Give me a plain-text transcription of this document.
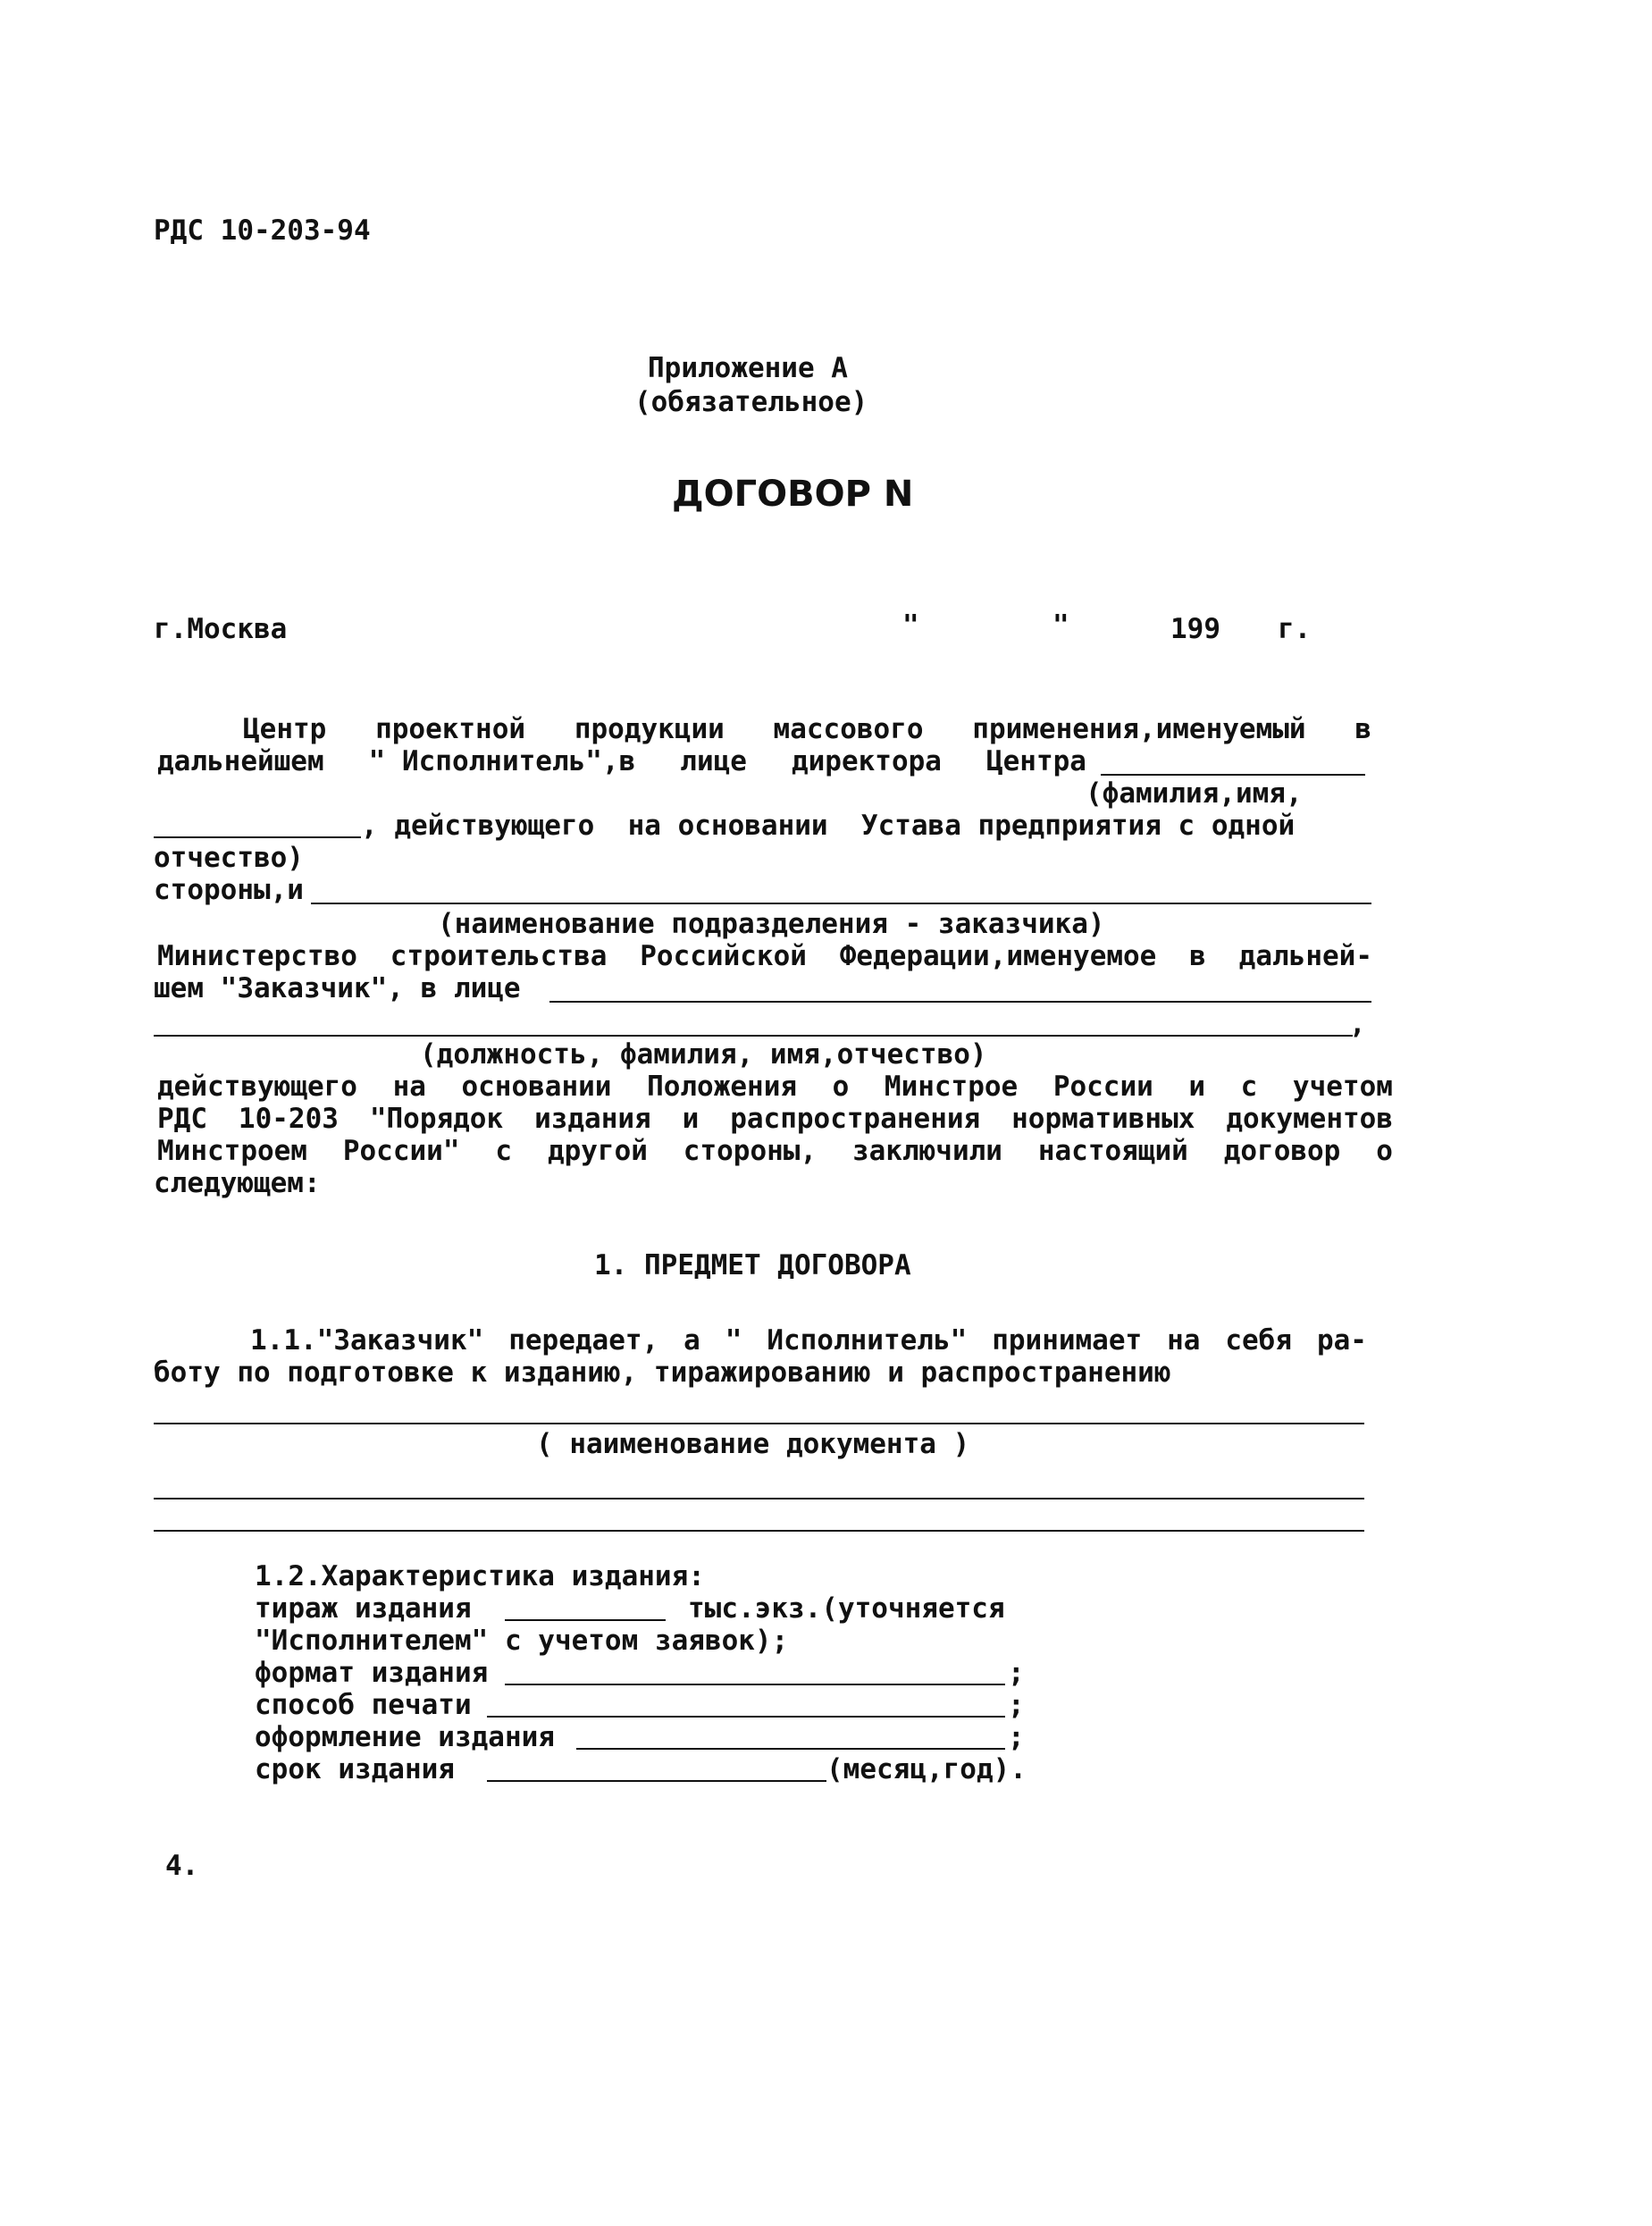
РДС 10-203-94
Приложение А
(обязательное)
ДОГОВОР N
г.Москва	"        "	199 г.
Центр проектной продукции массового применения,именуемый в
дальнейшем " Исполнитель",в лице директора Центра
(фамилия,имя,
, действующего  на основании  Устава предприятия с одной
отчество)
стороны,и
(наименование подразделения - заказчика)
Министерство строительства Российской Федерации,именуемое в дальней-
шем "Заказчик", в лице
,
(должность, фамилия, имя,отчество)
действующего на основании Положения о Минстрое России и с учетом
РДС 10-203 "Порядок издания и распространения нормативных документов
Минстроем России" с другой стороны, заключили настоящий договор о
следующем:
1. ПРЕДМЕТ ДОГОВОРА
1.1."Заказчик" передает, а " Исполнитель" принимает на себя ра-
боту по подготовке к изданию, тиражированию и распространению
( наименование документа )
1.2.Характеристика издания:
тираж издания	тыс.экз.(уточняется
"Исполнителем" с учетом заявок);
формат издания	;
способ печати	;
оформление издания	;
срок издания	(месяц,год).
4.
